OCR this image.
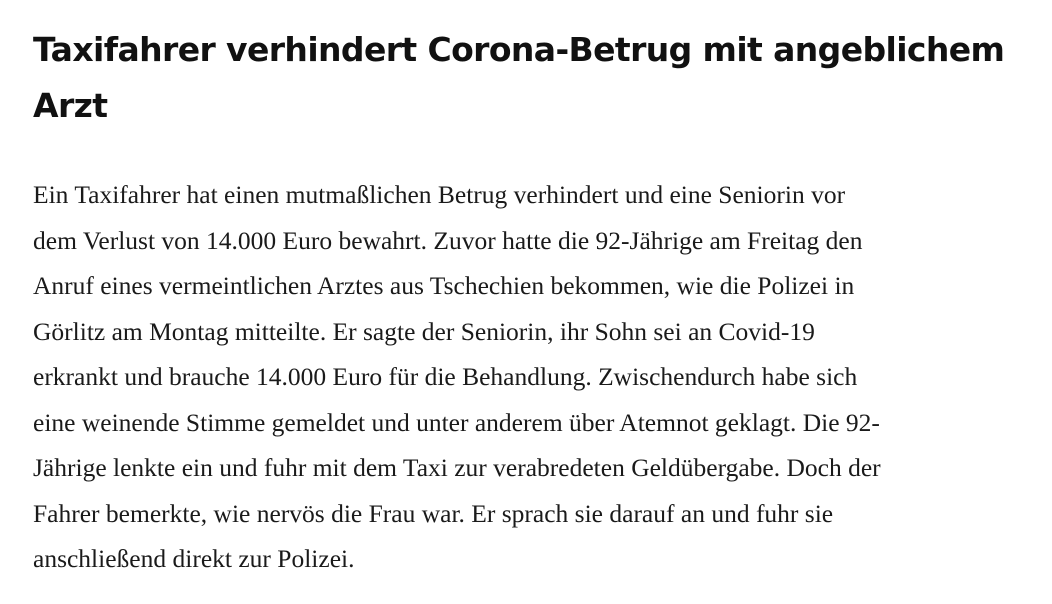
Taxifahrer verhindert Corona-Betrug mit angeblichem
Arzt

Ein Taxifahrer hat einen mutmaßlichen Betrug verhindert und eine Seniorin vor
dem Verlust von 14.000 Euro bewahrt. Zuvor hatte die 92-Jährige am Freitag den
Anruf eines vermeintlichen Arztes aus Tschechien bekommen, wie die Polizei in
Görlitz am Montag mitteilte. Er sagte der Seniorin, ihr Sohn sei an Covid-19
erkrankt und brauche 14.000 Euro für die Behandlung. Zwischendurch habe sich
eine weinende Stimme gemeldet und unter anderem über Atemnot geklagt. Die 92-
Jährige lenkte ein und fuhr mit dem Taxi zur verabredeten Geldübergabe. Doch der
Fahrer bemerkte, wie nervös die Frau war. Er sprach sie darauf an und fuhr sie
anschließend direkt zur Polizei.
